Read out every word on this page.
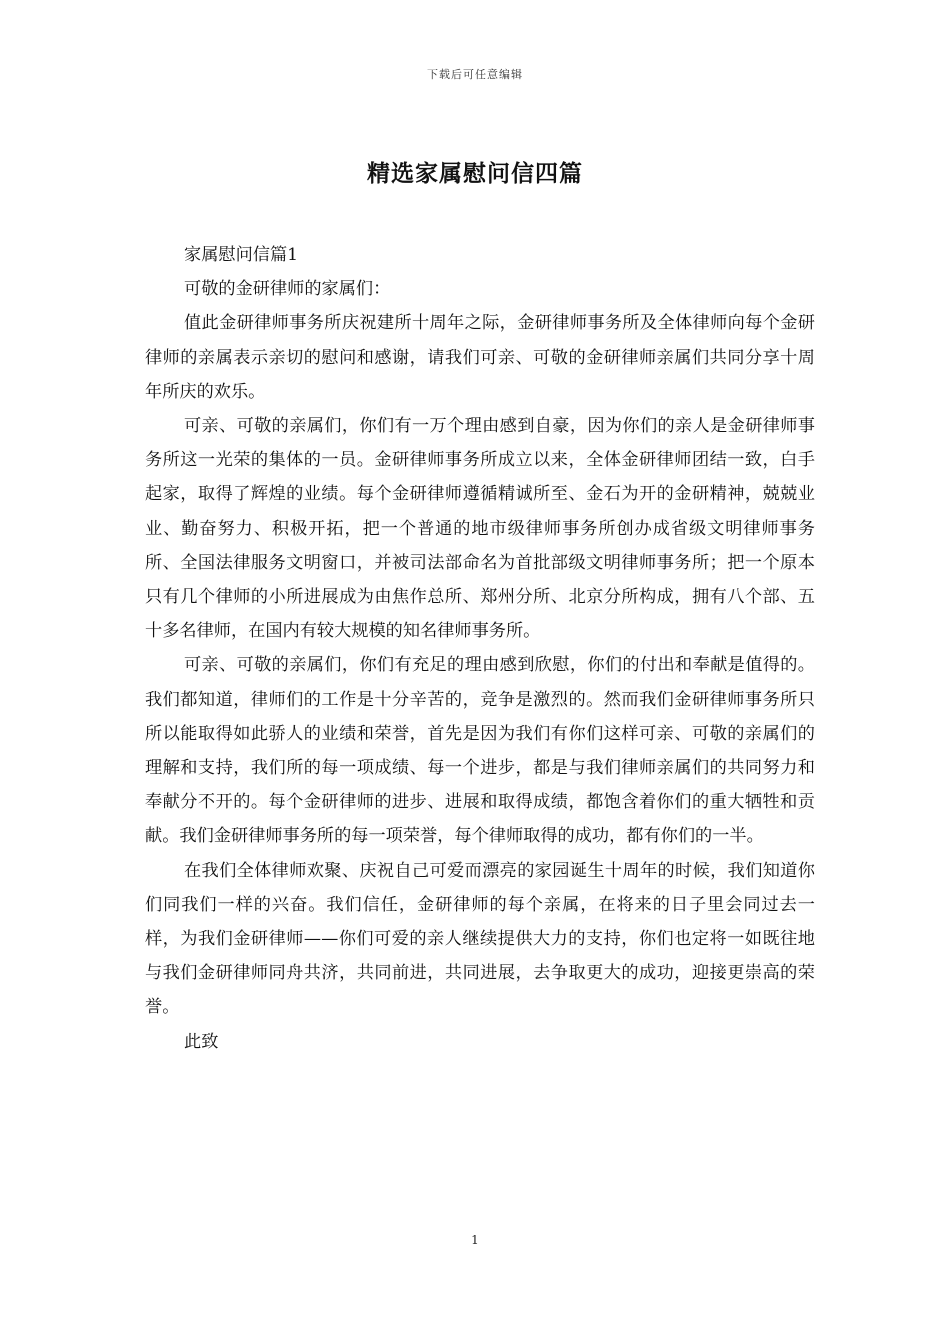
下载后可任意编辑
精选家属慰问信四篇

家属慰问信篇1

可敬的金研律师的家属们：

值此金研律师事务所庆祝建所十周年之际，金研律师事务所及全体律师向每个金研律师的亲属表示亲切的慰问和感谢，请我们可亲、可敬的金研律师亲属们共同分享十周年所庆的欢乐。

可亲、可敬的亲属们，你们有一万个理由感到自豪，因为你们的亲人是金研律师事务所这一光荣的集体的一员。金研律师事务所成立以来，全体金研律师团结一致，白手起家，取得了辉煌的业绩。每个金研律师遵循精诚所至、金石为开的金研精神，兢兢业业、勤奋努力、积极开拓，把一个普通的地市级律师事务所创办成省级文明律师事务所、全国法律服务文明窗口，并被司法部命名为首批部级文明律师事务所；把一个原本只有几个律师的小所进展成为由焦作总所、郑州分所、北京分所构成，拥有八个部、五十多名律师，在国内有较大规模的知名律师事务所。

可亲、可敬的亲属们，你们有充足的理由感到欣慰，你们的付出和奉献是值得的。我们都知道，律师们的工作是十分辛苦的，竞争是激烈的。然而我们金研律师事务所只所以能取得如此骄人的业绩和荣誉，首先是因为我们有你们这样可亲、可敬的亲属们的理解和支持，我们所的每一项成绩、每一个进步，都是与我们律师亲属们的共同努力和奉献分不开的。每个金研律师的进步、进展和取得成绩，都饱含着你们的重大牺牲和贡献。我们金研律师事务所的每一项荣誉，每个律师取得的成功，都有你们的一半。

在我们全体律师欢聚、庆祝自己可爱而漂亮的家园诞生十周年的时候，我们知道你们同我们一样的兴奋。我们信任，金研律师的每个亲属，在将来的日子里会同过去一样，为我们金研律师——你们可爱的亲人继续提供大力的支持，你们也定将一如既往地与我们金研律师同舟共济，共同前进，共同进展，去争取更大的成功，迎接更崇高的荣誉。

此致

1
